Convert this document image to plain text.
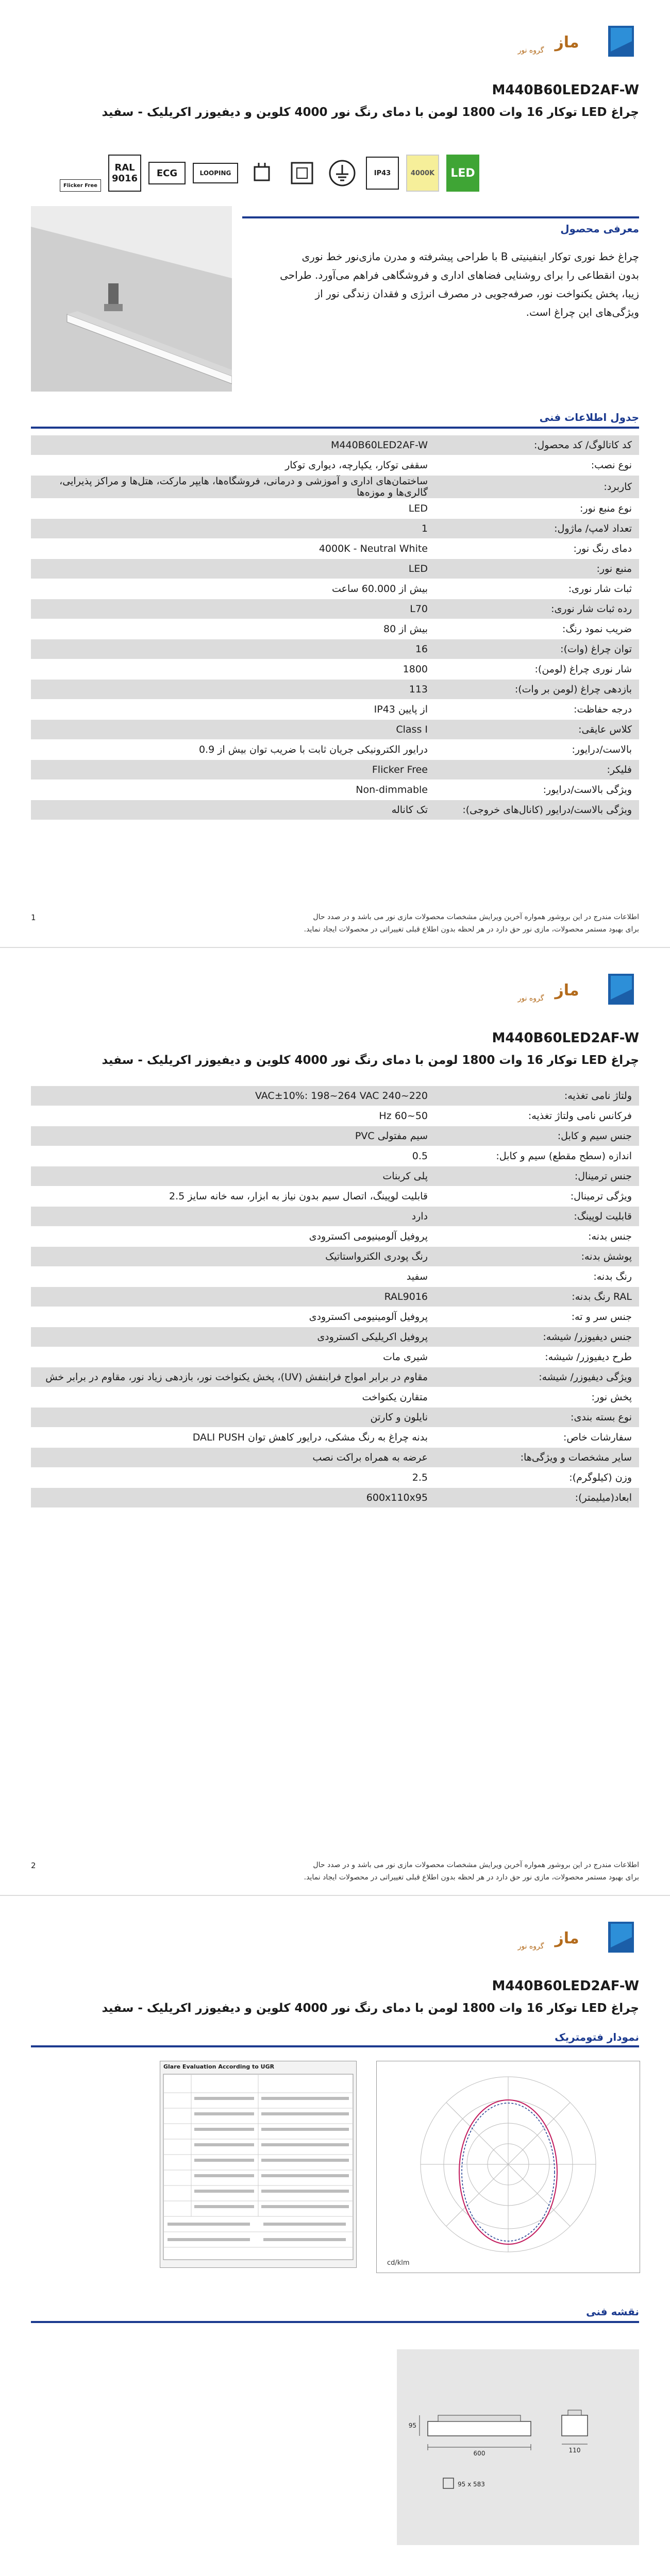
ماز
گروه نور
M440B60LED2AF-W
چراغ LED توکار 16 وات 1800 لومن با دمای رنگ نور 4000 کلوین و دیفیوزر اکریلیک - سفید
LED
4000K
IP43
LOOPING
ECG
RAL
9016
Flicker Free
معرفی محصول
چراغ خط نوری توکار اینفینیتی B با طراحی پیشرفته و مدرن مازی‌نور خط نوری بدون انقطاعی را برای روشنایی فضاهای اداری و فروشگاهی فراهم می‌آورد. طراحی زیبا، پخش یکنواخت نور، صرفه‌جویی در مصرف انرژی و فقدان زندگی نور از ویژگی‌های این چراغ است.
جدول اطلاعات فنی
کد کاتالوگ/ کد محصول:
M440B60LED2AF-W
نوع نصب:
سقفی توکار، یکپارچه، دیواری توکار
کاربرد:
ساختمان‌های اداری و آموزشی و درمانی، فروشگاه‌ها، هایپر مارکت، هتل‌ها و مراکز پذیرایی، گالری‌ها و موزه‌ها
نوع منبع نور:
LED
تعداد لامپ/ ماژول:
1
دمای رنگ نور:
4000K - Neutral White
منبع نور:
LED
ثبات شار نوری:
بیش از 60.000 ساعت
رده ثبات شار نوری:
L70
ضریب نمود رنگ:
بیش از 80
توان چراغ (وات):
16
شار نوری چراغ (لومن):
1800
بازدهی چراغ (لومن بر وات):
113
درجه حفاظت:
از پایین IP43
کلاس عایقی:
Class I
بالاست/درایور:
درایور الکترونیکی جریان ثابت با ضریب توان بیش از 0.9
فلیکر:
Flicker Free
ویژگی بالاست/درایور:
Non-dimmable
ویژگی بالاست/درایور (کانال‌های خروجی):
تک کاناله
اطلاعات مندرج در این بروشور همواره آخرین ویرایش مشخصات محصولات مازی نور می باشد و در صدد حال
برای بهبود مستمر محصولات، مازی نور حق دارد در هر لحظه بدون اطلاع قبلی تغییراتی در محصولات ایجاد نماید.
1
ماز
گروه نور
M440B60LED2AF-W
چراغ LED توکار 16 وات 1800 لومن با دمای رنگ نور 4000 کلوین و دیفیوزر اکریلیک - سفید
ولتاژ نامی تغذیه:
220~240 VAC±10%: 198~264 VAC
فرکانس نامی ولتاژ تغذیه:
50~60 Hz
جنس سیم و کابل:
سیم مفتولی PVC
اندازه (سطح مقطع) سیم و کابل:
0.5
جنس ترمینال:
پلی کربنات
ویژگی ترمینال:
قابلیت لوپینگ، اتصال سیم بدون نیاز به ابزار، سه خانه سایز 2.5
قابلیت لوپینگ:
دارد
جنس بدنه:
پروفیل آلومینیومی اکسترودی
پوشش بدنه:
رنگ پودری الکترواستاتیک
رنگ بدنه:
سفید
RAL رنگ بدنه:
RAL9016
جنس سر و ته:
پروفیل آلومینیومی اکسترودی
جنس دیفیوزر/ شیشه:
پروفیل اکریلیکی اکسترودی
طرح دیفیوزر/ شیشه:
شیری مات
ویژگی دیفیوزر/ شیشه:
مقاوم در برابر امواج فرابنفش (UV)، پخش یکنواخت نور، بازدهی زیاد نور، مقاوم در برابر خش
پخش نور:
متقارن یکنواخت
نوع بسته بندی:
نایلون و کارتن
سفارشات خاص:
بدنه چراغ به رنگ مشکی، درایور کاهش توان DALI PUSH
سایر مشخصات و ویژگی‌ها:
عرضه به همراه براکت نصب
وزن (کیلوگرم):
2.5
ابعاد(میلیمتر):
600x110x95
اطلاعات مندرج در این بروشور همواره آخرین ویرایش مشخصات محصولات مازی نور می باشد و در صدد حال
برای بهبود مستمر محصولات، مازی نور حق دارد در هر لحظه بدون اطلاع قبلی تغییراتی در محصولات ایجاد نماید.
2
ماز
گروه نور
M440B60LED2AF-W
چراغ LED توکار 16 وات 1800 لومن با دمای رنگ نور 4000 کلوین و دیفیوزر اکریلیک - سفید
نمودار فتومتریک
Glare Evaluation According to UGR
cd/klm
نقشه فنی
600
95
110
95 x 583
